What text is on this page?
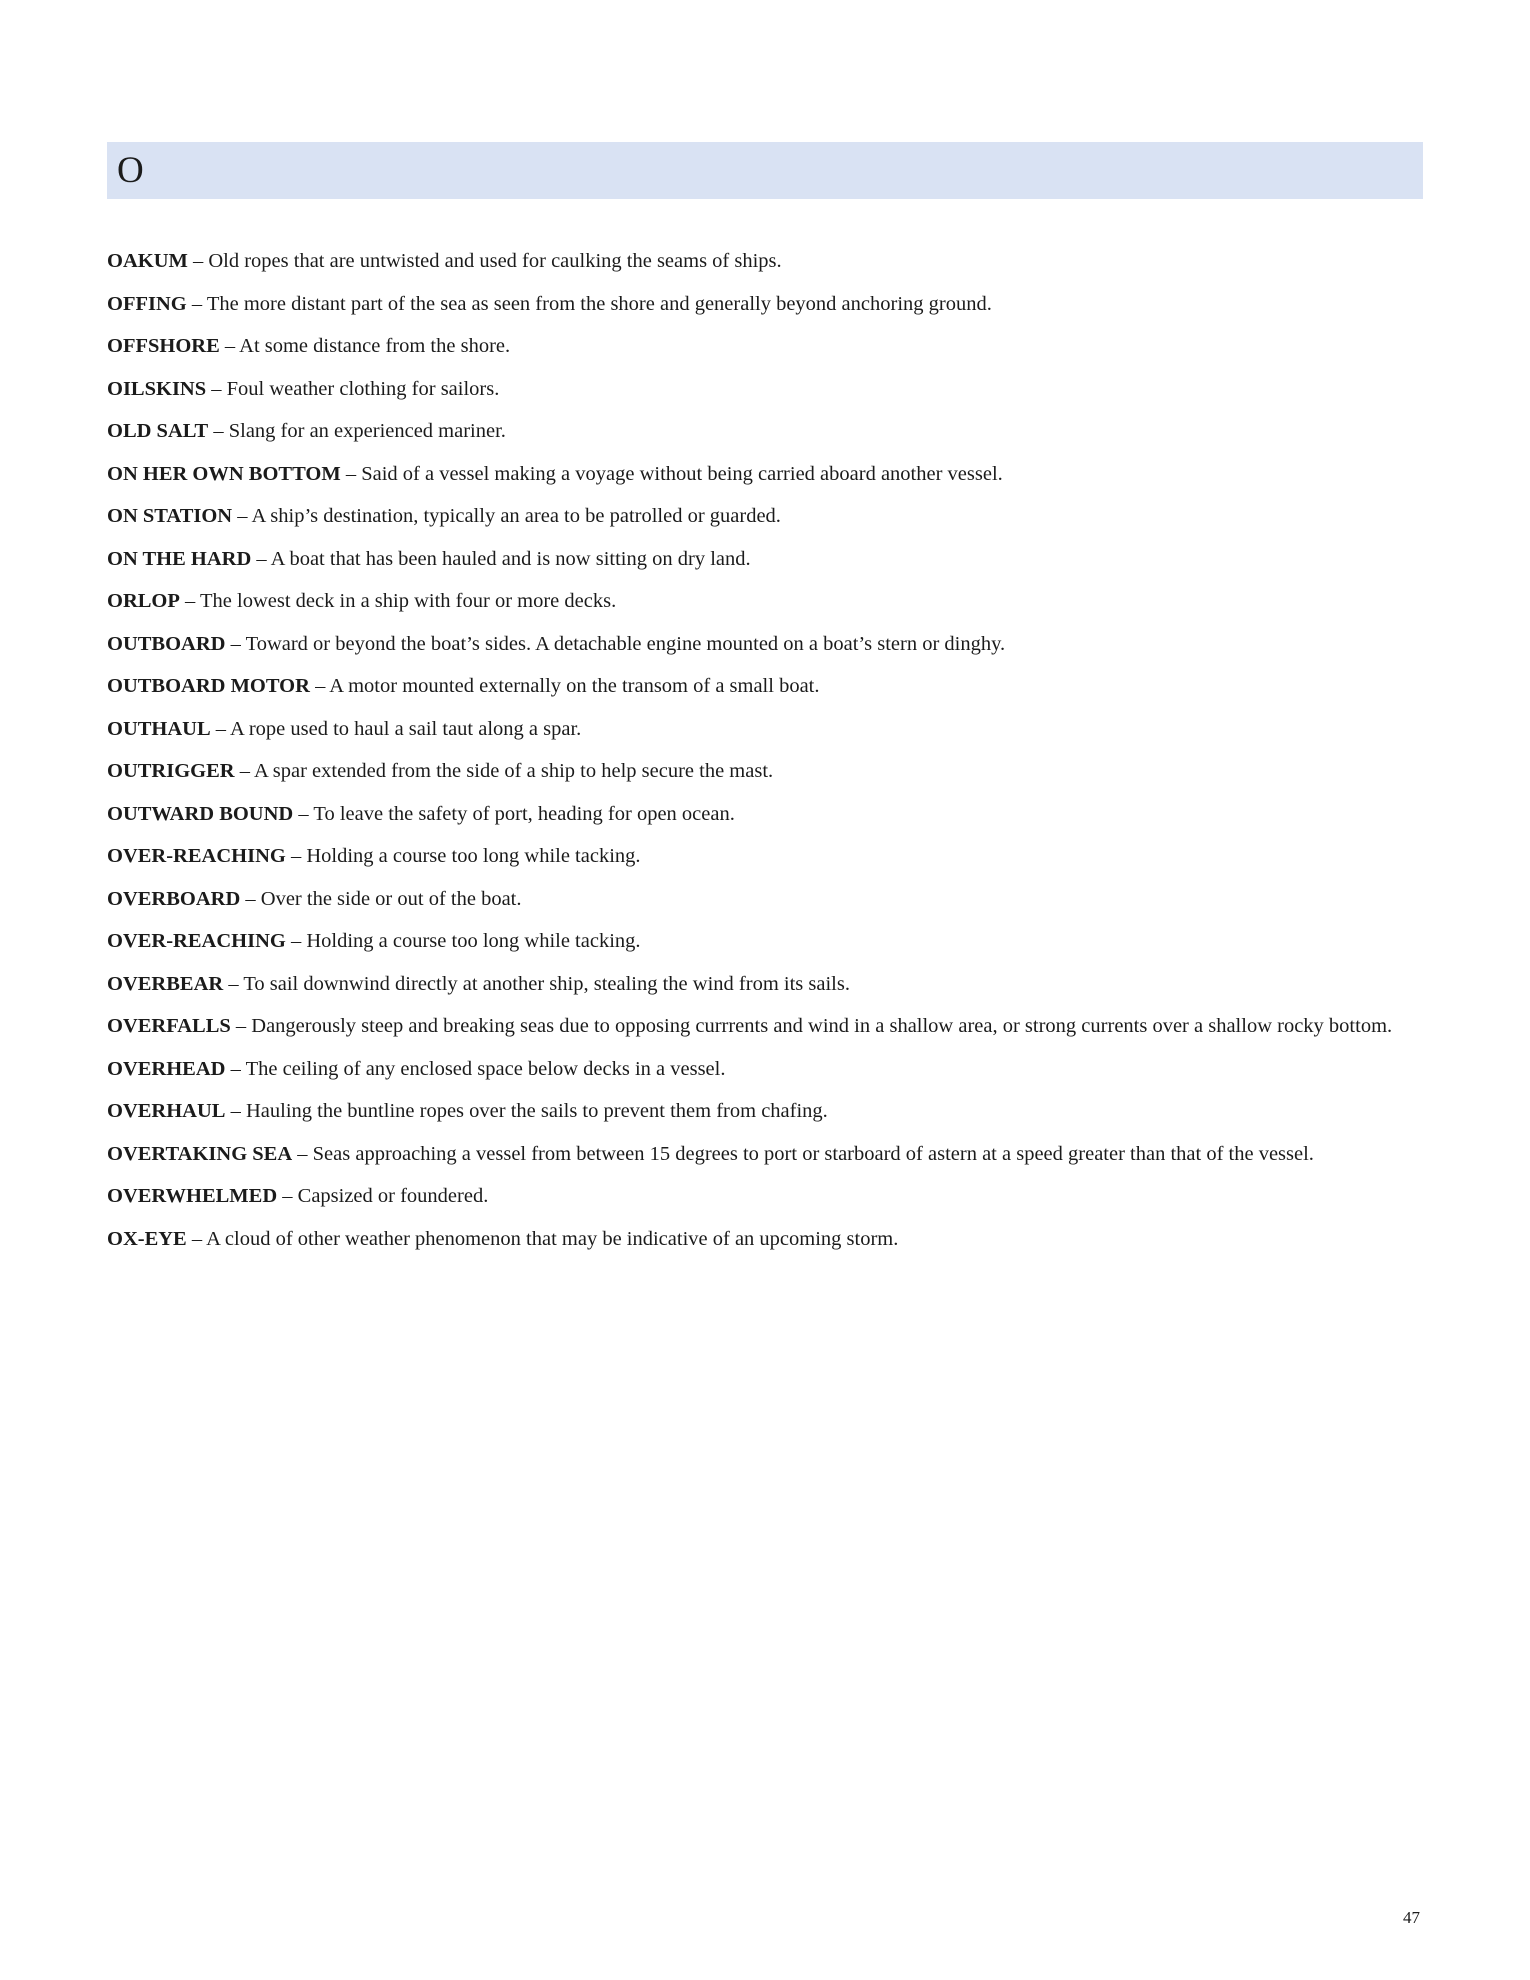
O

OAKUM – Old ropes that are untwisted and used for caulking the seams of ships.

OFFING – The more distant part of the sea as seen from the shore and generally beyond anchoring ground.

OFFSHORE – At some distance from the shore.

OILSKINS – Foul weather clothing for sailors.

OLD SALT – Slang for an experienced mariner.

ON HER OWN BOTTOM – Said of a vessel making a voyage without being carried aboard another vessel.

ON STATION – A ship’s destination, typically an area to be patrolled or guarded.

ON THE HARD – A boat that has been hauled and is now sitting on dry land.

ORLOP – The lowest deck in a ship with four or more decks.

OUTBOARD – Toward or beyond the boat’s sides. A detachable engine mounted on a boat’s stern or dinghy.

OUTBOARD MOTOR – A motor mounted externally on the transom of a small boat.

OUTHAUL – A rope used to haul a sail taut along a spar.

OUTRIGGER – A spar extended from the side of a ship to help secure the mast.

OUTWARD BOUND – To leave the safety of port, heading for open ocean.

OVER-REACHING – Holding a course too long while tacking.

OVERBOARD – Over the side or out of the boat.

OVER-REACHING – Holding a course too long while tacking.

OVERBEAR – To sail downwind directly at another ship, stealing the wind from its sails.

OVERFALLS – Dangerously steep and breaking seas due to opposing currrents and wind in a shallow area, or strong currents over a shallow rocky bottom.

OVERHEAD – The ceiling of any enclosed space below decks in a vessel.

OVERHAUL – Hauling the buntline ropes over the sails to prevent them from chafing.

OVERTAKING SEA – Seas approaching a vessel from between 15 degrees to port or starboard of astern at a speed greater than that of the vessel.

OVERWHELMED – Capsized or foundered.

OX-EYE – A cloud of other weather phenomenon that may be indicative of an upcoming storm.

47
